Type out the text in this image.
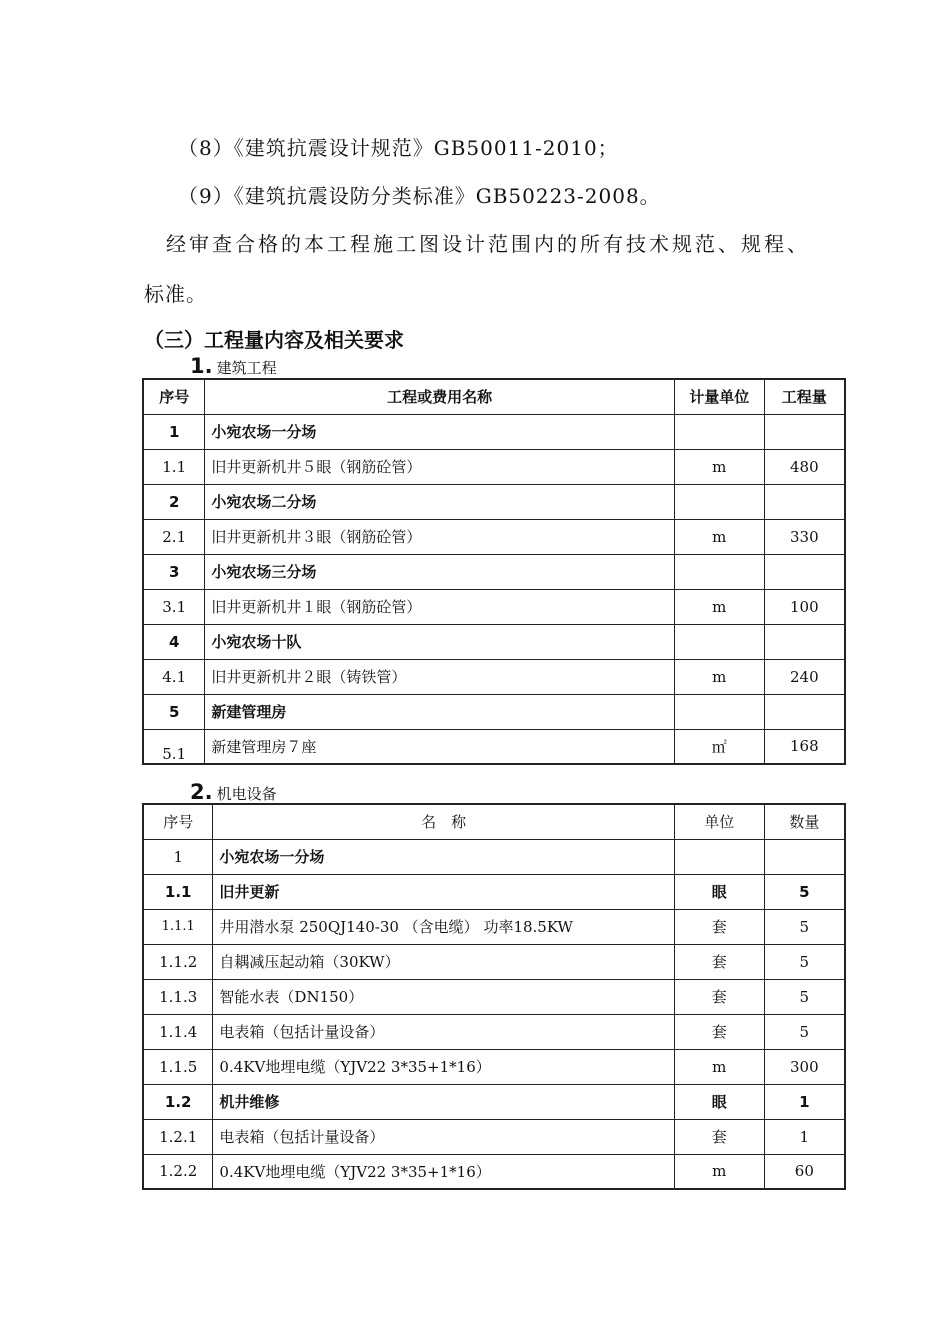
（8）《建筑抗震设计规范》GB50011-2010；
（9）《建筑抗震设防分类标准》GB50223-2008。
经审查合格的本工程施工图设计范围内的所有技术规范、规程、
标准。
（三）工程量内容及相关要求
1. 建筑工程
序号	工程或费用名称	计量单位	工程量
1	小宛农场一分场		
1.1	旧井更新机井５眼（钢筋砼管）	m	480
2	小宛农场二分场		
2.1	旧井更新机井３眼（钢筋砼管）	m	330
3	小宛农场三分场		
3.1	旧井更新机井１眼（钢筋砼管）	m	100
4	小宛农场十队		
4.1	旧井更新机井２眼（铸铁管）	m	240
5	新建管理房		
5.1	新建管理房７座	㎡	168
2. 机电设备
序号	名　称	单位	数量
1	小宛农场一分场		
1.1	旧井更新	眼	5
1.1.1	井用潜水泵 250QJ140-30 （含电缆） 功率18.5KW	套	5
1.1.2	自耦减压起动箱（30KW）	套	5
1.1.3	智能水表（DN150）	套	5
1.1.4	电表箱（包括计量设备）	套	5
1.1.5	0.4KV地埋电缆（YJV22 3*35+1*16）	m	300
1.2	机井维修	眼	1
1.2.1	电表箱（包括计量设备）	套	1
1.2.2	0.4KV地埋电缆（YJV22 3*35+1*16）	m	60
